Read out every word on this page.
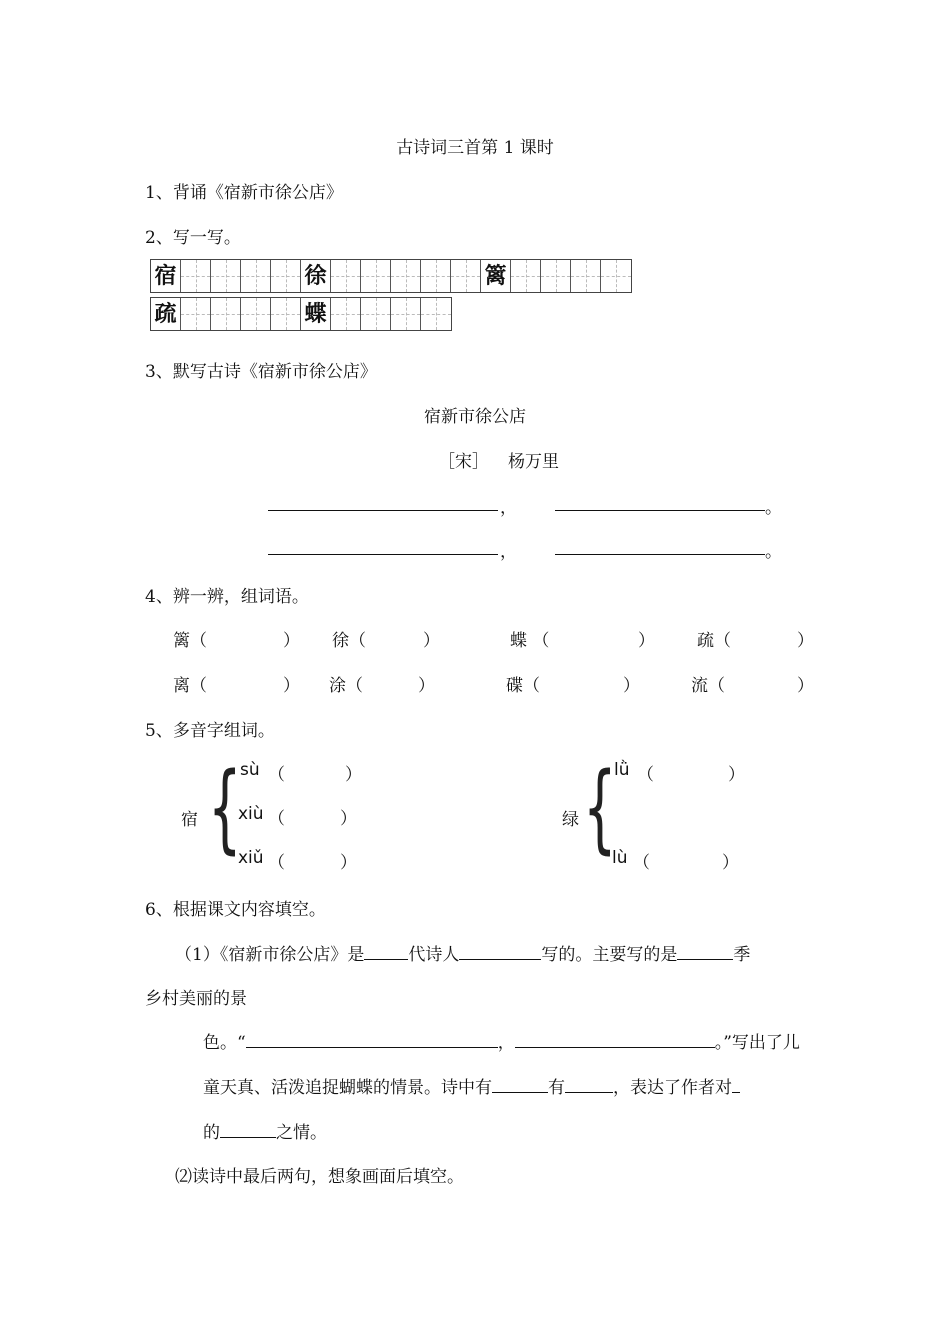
古诗词三首第 1 课时
1、背诵《宿新市徐公店》
2、写一写。
宿	徐	篱
疏	蝶
3、默写古诗《宿新市徐公店》
宿新市徐公店
［宋］ 杨万里
，	。
，	。
4、辨一辨，组词语。
篱（	） 徐（	）	蝶 （	） 疏（	）
离（	） 涂（	）	碟（	）	流（	）
5、多音字组词。
宿 {
sù （	）
xiù （	）
xiǔ （	）
绿 {
lǜ （	）
lù （	）
6、根据课文内容填空。
（1）《宿新市徐公店》是	代诗人	写的。主要写的是	季
乡村美丽的景
色。“	，	。”写出了儿
童天真、活泼追捉蝴蝶的情景。诗中有	有	，表达了作者对
的	之情。
⑵读诗中最后两句，想象画面后填空。
